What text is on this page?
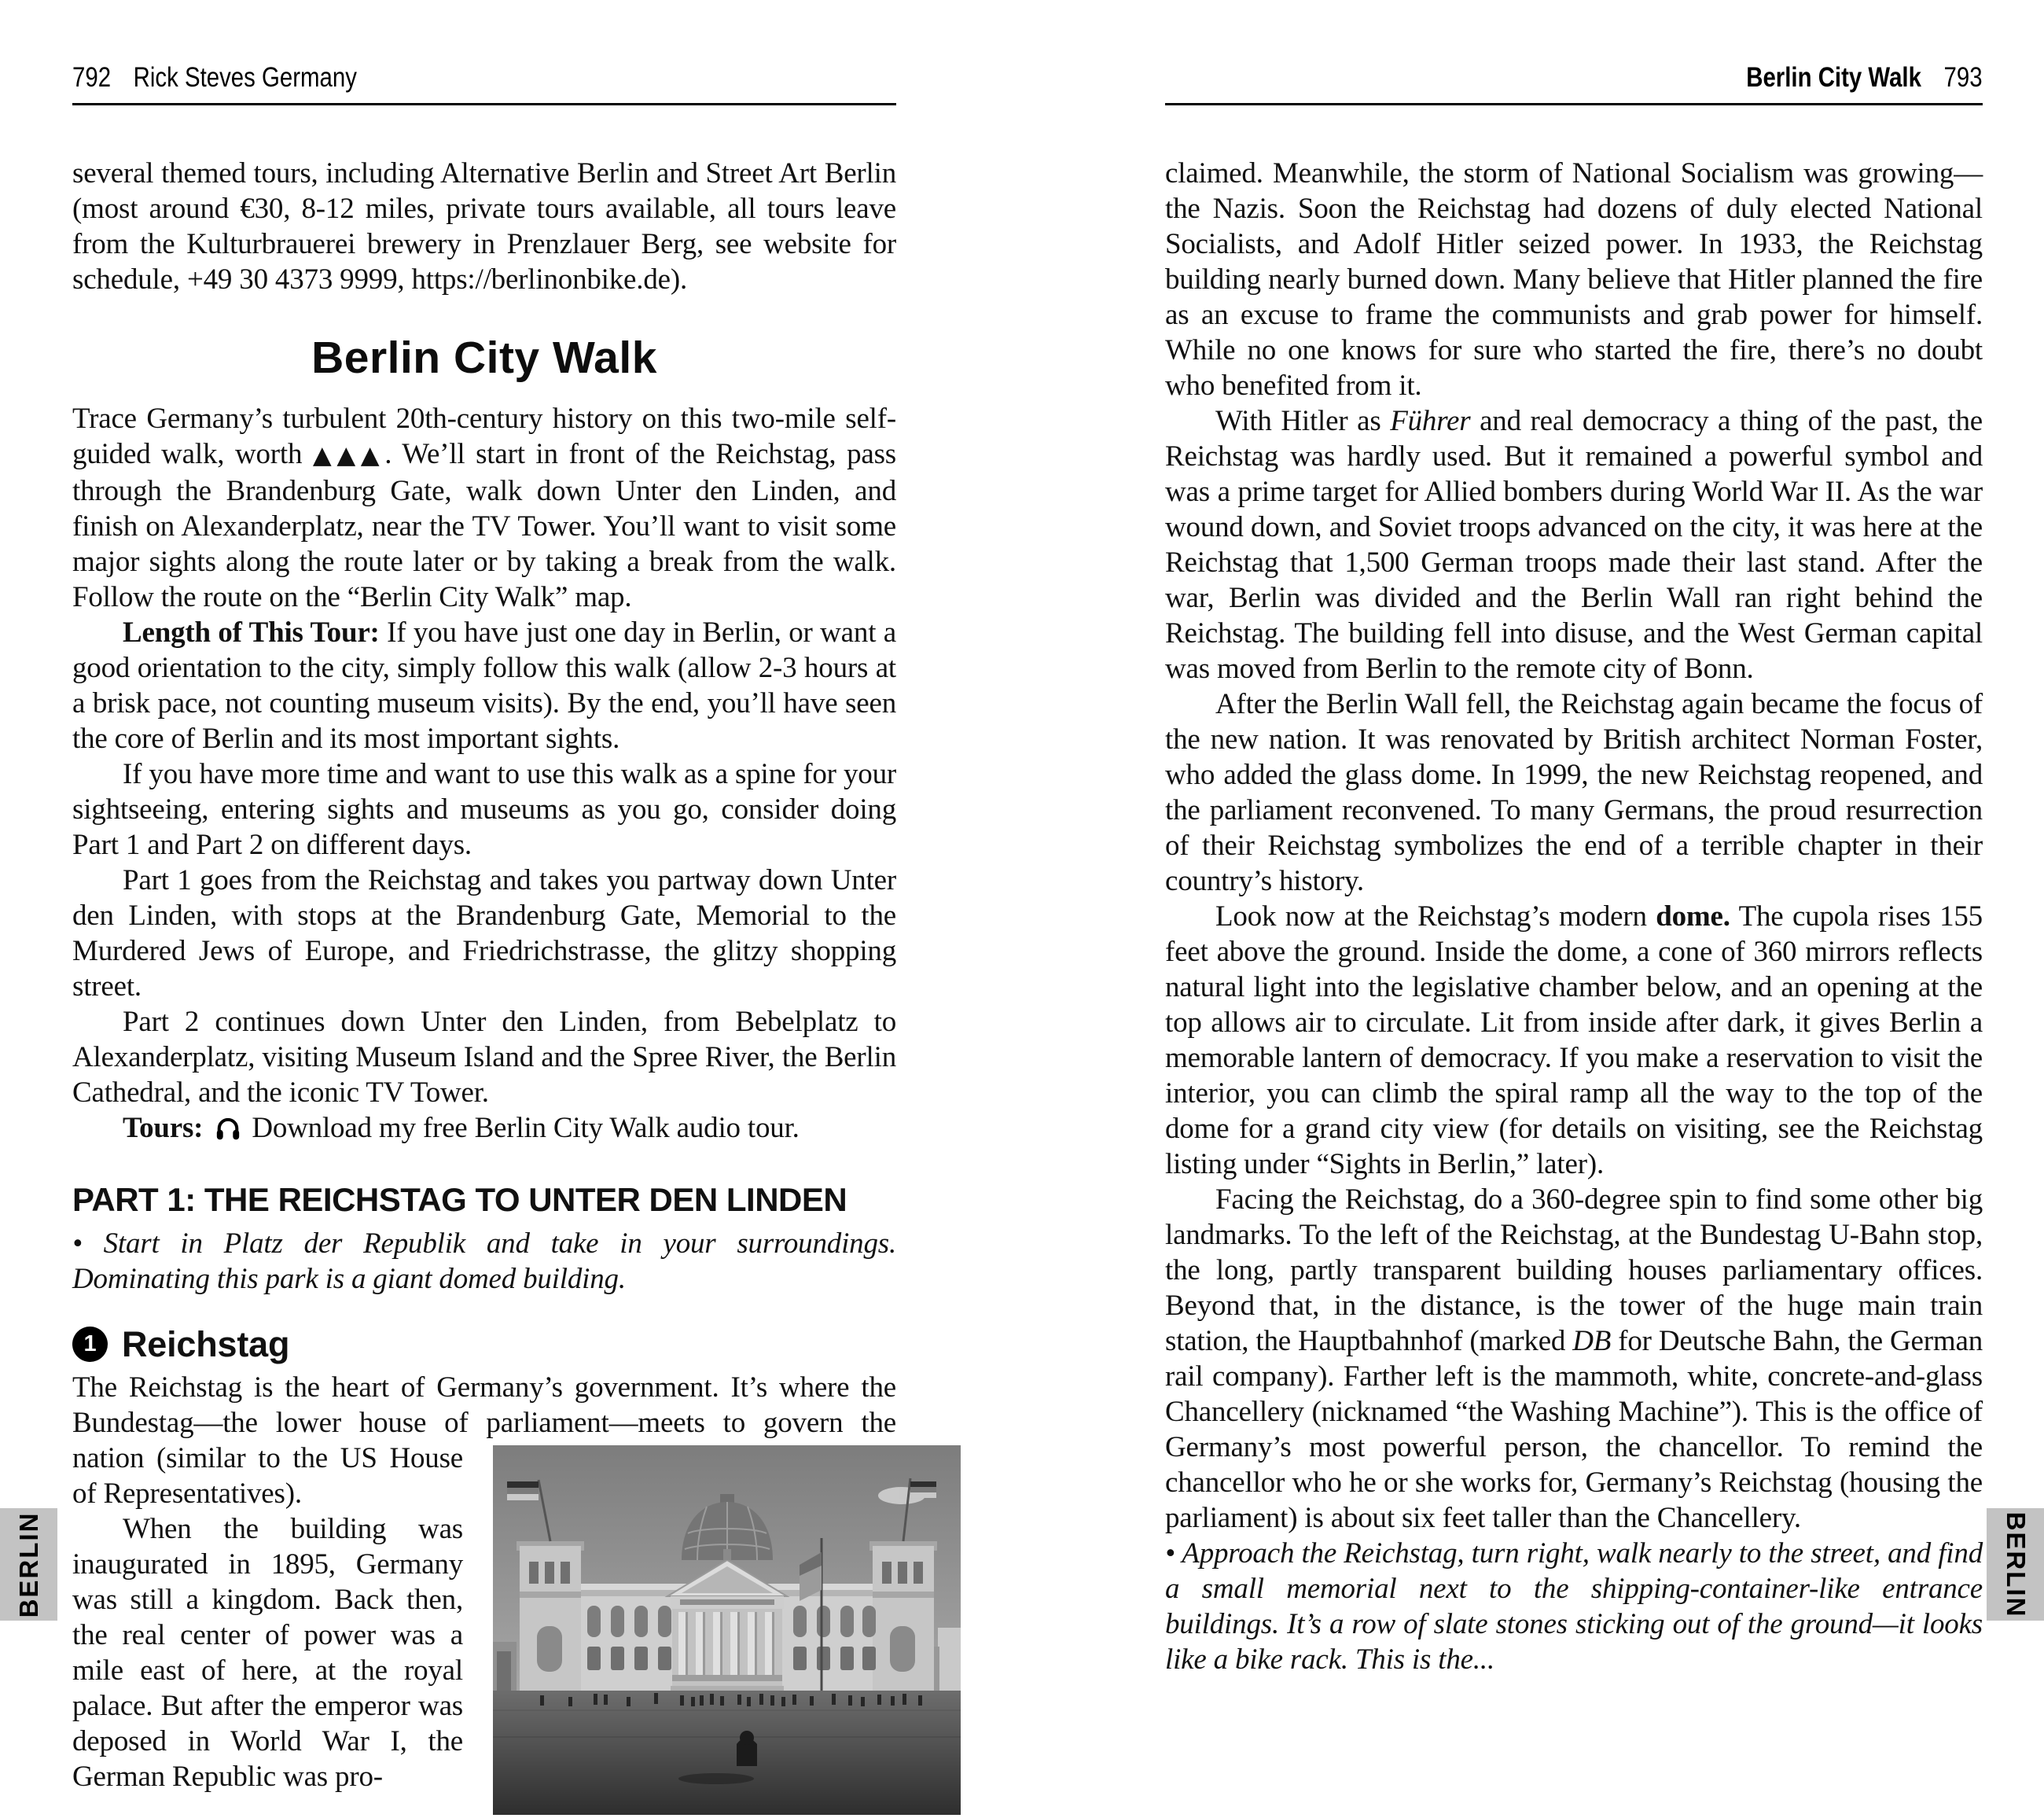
792 Rick Steves Germany

several themed tours, including Alternative Berlin and Street Art Berlin (most around €30, 8-12 miles, private tours available, all tours leave from the Kulturbrauerei brewery in Prenzlauer Berg, see website for schedule, +49 30 4373 9999, https://berlinonbike.de).

Berlin City Walk

Trace Germany’s turbulent 20th-century history on this two-mile self-guided walk, worth ▲▲▲. We’ll start in front of the Reichstag, pass through the Brandenburg Gate, walk down Unter den Linden, and finish on Alexanderplatz, near the TV Tower. You’ll want to visit some major sights along the route later or by taking a break from the walk. Follow the route on the “Berlin City Walk” map.

Length of This Tour: If you have just one day in Berlin, or want a good orientation to the city, simply follow this walk (allow 2-3 hours at a brisk pace, not counting museum visits). By the end, you’ll have seen the core of Berlin and its most important sights.

If you have more time and want to use this walk as a spine for your sightseeing, entering sights and museums as you go, consider doing Part 1 and Part 2 on different days.

Part 1 goes from the Reichstag and takes you partway down Unter den Linden, with stops at the Brandenburg Gate, Memorial to the Murdered Jews of Europe, and Friedrichstrasse, the glitzy shopping street.

Part 2 continues down Unter den Linden, from Bebelplatz to Alexanderplatz, visiting Museum Island and the Spree River, the Berlin Cathedral, and the iconic TV Tower.

Tours: Download my free Berlin City Walk audio tour.

PART 1: THE REICHSTAG TO UNTER DEN LINDEN

• Start in Platz der Republik and take in your surroundings. Dominating this park is a giant domed building.

1 Reichstag

The Reichstag is the heart of Germany’s government. It’s where the Bundestag—the lower house of parliament—meets to govern the
nation (similar to the US House of Representatives).

When the building was inaugurated in 1895, Germany was still a kingdom. Back then, the real center of power was a mile east of here, at the royal palace. But after the emperor was deposed in World War I, the German Republic was pro-

Berlin City Walk 793

claimed. Meanwhile, the storm of National Socialism was growing—the Nazis. Soon the Reichstag had dozens of duly elected National Socialists, and Adolf Hitler seized power. In 1933, the Reichstag building nearly burned down. Many believe that Hitler planned the fire as an excuse to frame the communists and grab power for himself. While no one knows for sure who started the fire, there’s no doubt who benefited from it.

With Hitler as Führer and real democracy a thing of the past, the Reichstag was hardly used. But it remained a powerful symbol and was a prime target for Allied bombers during World War II. As the war wound down, and Soviet troops advanced on the city, it was here at the Reichstag that 1,500 German troops made their last stand. After the war, Berlin was divided and the Berlin Wall ran right behind the Reichstag. The building fell into disuse, and the West German capital was moved from Berlin to the remote city of Bonn.

After the Berlin Wall fell, the Reichstag again became the focus of the new nation. It was renovated by British architect Norman Foster, who added the glass dome. In 1999, the new Reichstag reopened, and the parliament reconvened. To many Germans, the proud resurrection of their Reichstag symbolizes the end of a terrible chapter in their country’s history.

Look now at the Reichstag’s modern dome. The cupola rises 155 feet above the ground. Inside the dome, a cone of 360 mirrors reflects natural light into the legislative chamber below, and an opening at the top allows air to circulate. Lit from inside after dark, it gives Berlin a memorable lantern of democracy. If you make a reservation to visit the interior, you can climb the spiral ramp all the way to the top of the dome for a grand city view (for details on visiting, see the Reichstag listing under “Sights in Berlin,” later).

Facing the Reichstag, do a 360-degree spin to find some other big landmarks. To the left of the Reichstag, at the Bundestag U-Bahn stop, the long, partly transparent building houses parliamentary offices. Beyond that, in the distance, is the tower of the huge main train station, the Hauptbahnhof (marked DB for Deutsche Bahn, the German rail company). Farther left is the mammoth, white, concrete-and-glass Chancellery (nicknamed “the Washing Machine”). This is the office of Germany’s most powerful person, the chancellor. To remind the chancellor who he or she works for, Germany’s Reichstag (housing the parliament) is about six feet taller than the Chancellery.

• Approach the Reichstag, turn right, walk nearly to the street, and find a small memorial next to the shipping-container-like entrance buildings. It’s a row of slate stones sticking out of the ground—it looks like a bike rack. This is the...

BERLIN	BERLIN
